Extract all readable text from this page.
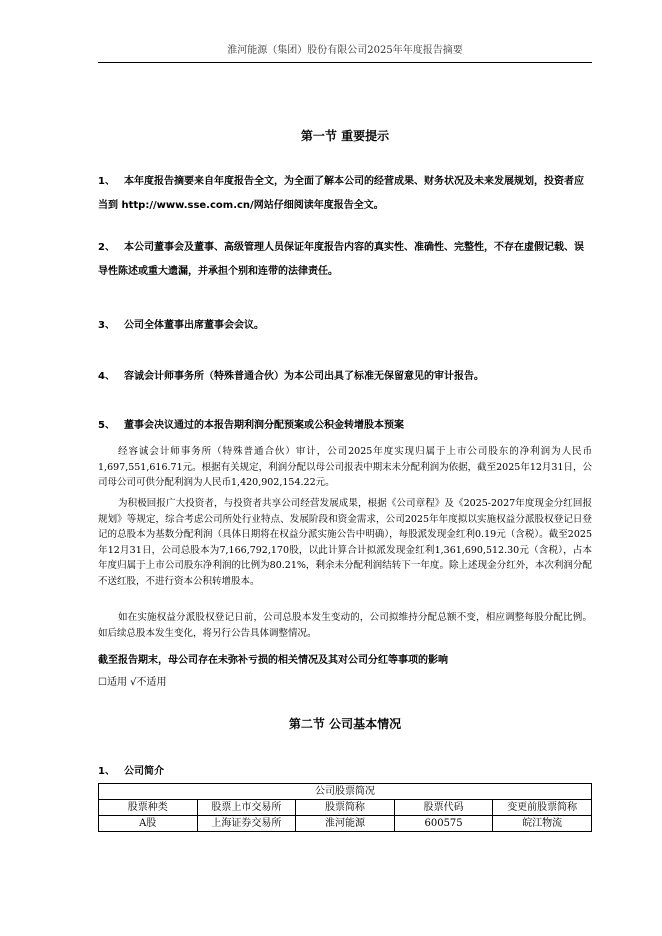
淮河能源（集团）股份有限公司2025年年度报告摘要
第一节 重要提示
1、 本年度报告摘要来自年度报告全文，为全面了解本公司的经营成果、财务状况及未来发展规划，投资者应当到 http://www.sse.com.cn/网站仔细阅读年度报告全文。
2、 本公司董事会及董事、高级管理人员保证年度报告内容的真实性、准确性、完整性，不存在虚假记载、误导性陈述或重大遗漏，并承担个别和连带的法律责任。
3、 公司全体董事出席董事会会议。
4、 容诚会计师事务所（特殊普通合伙）为本公司出具了标准无保留意见的审计报告。
5、 董事会决议通过的本报告期利润分配预案或公积金转增股本预案
经容诚会计师事务所（特殊普通合伙）审计，公司2025年度实现归属于上市公司股东的净利润为人民币1,697,551,616.71元。根据有关规定，利润分配以母公司报表中期末未分配利润为依据，截至2025年12月31日，公司母公司可供分配利润为人民币1,420,902,154.22元。
为积极回报广大投资者，与投资者共享公司经营发展成果，根据《公司章程》及《2025-2027年度现金分红回报规划》等规定，综合考虑公司所处行业特点、发展阶段和资金需求，公司2025年年度拟以实施权益分派股权登记日登记的总股本为基数分配利润（具体日期将在权益分派实施公告中明确），每股派发现金红利0.19元（含税）。截至2025年12月31日，公司总股本为7,166,792,170股，以此计算合计拟派发现金红利1,361,690,512.30元（含税），占本年度归属于上市公司股东净利润的比例为80.21%，剩余未分配利润结转下一年度。除上述现金分红外，本次利润分配不送红股，不进行资本公积转增股本。
如在实施权益分派股权登记日前，公司总股本发生变动的，公司拟维持分配总额不变，相应调整每股分配比例。如后续总股本发生变化，将另行公告具体调整情况。
截至报告期末，母公司存在未弥补亏损的相关情况及其对公司分红等事项的影响
☐适用 √不适用
第二节 公司基本情况
1、 公司简介
公司股票简况				
股票种类	股票上市交易所	股票简称	股票代码	变更前股票简称
A股	上海证券交易所	淮河能源	600575	皖江物流
